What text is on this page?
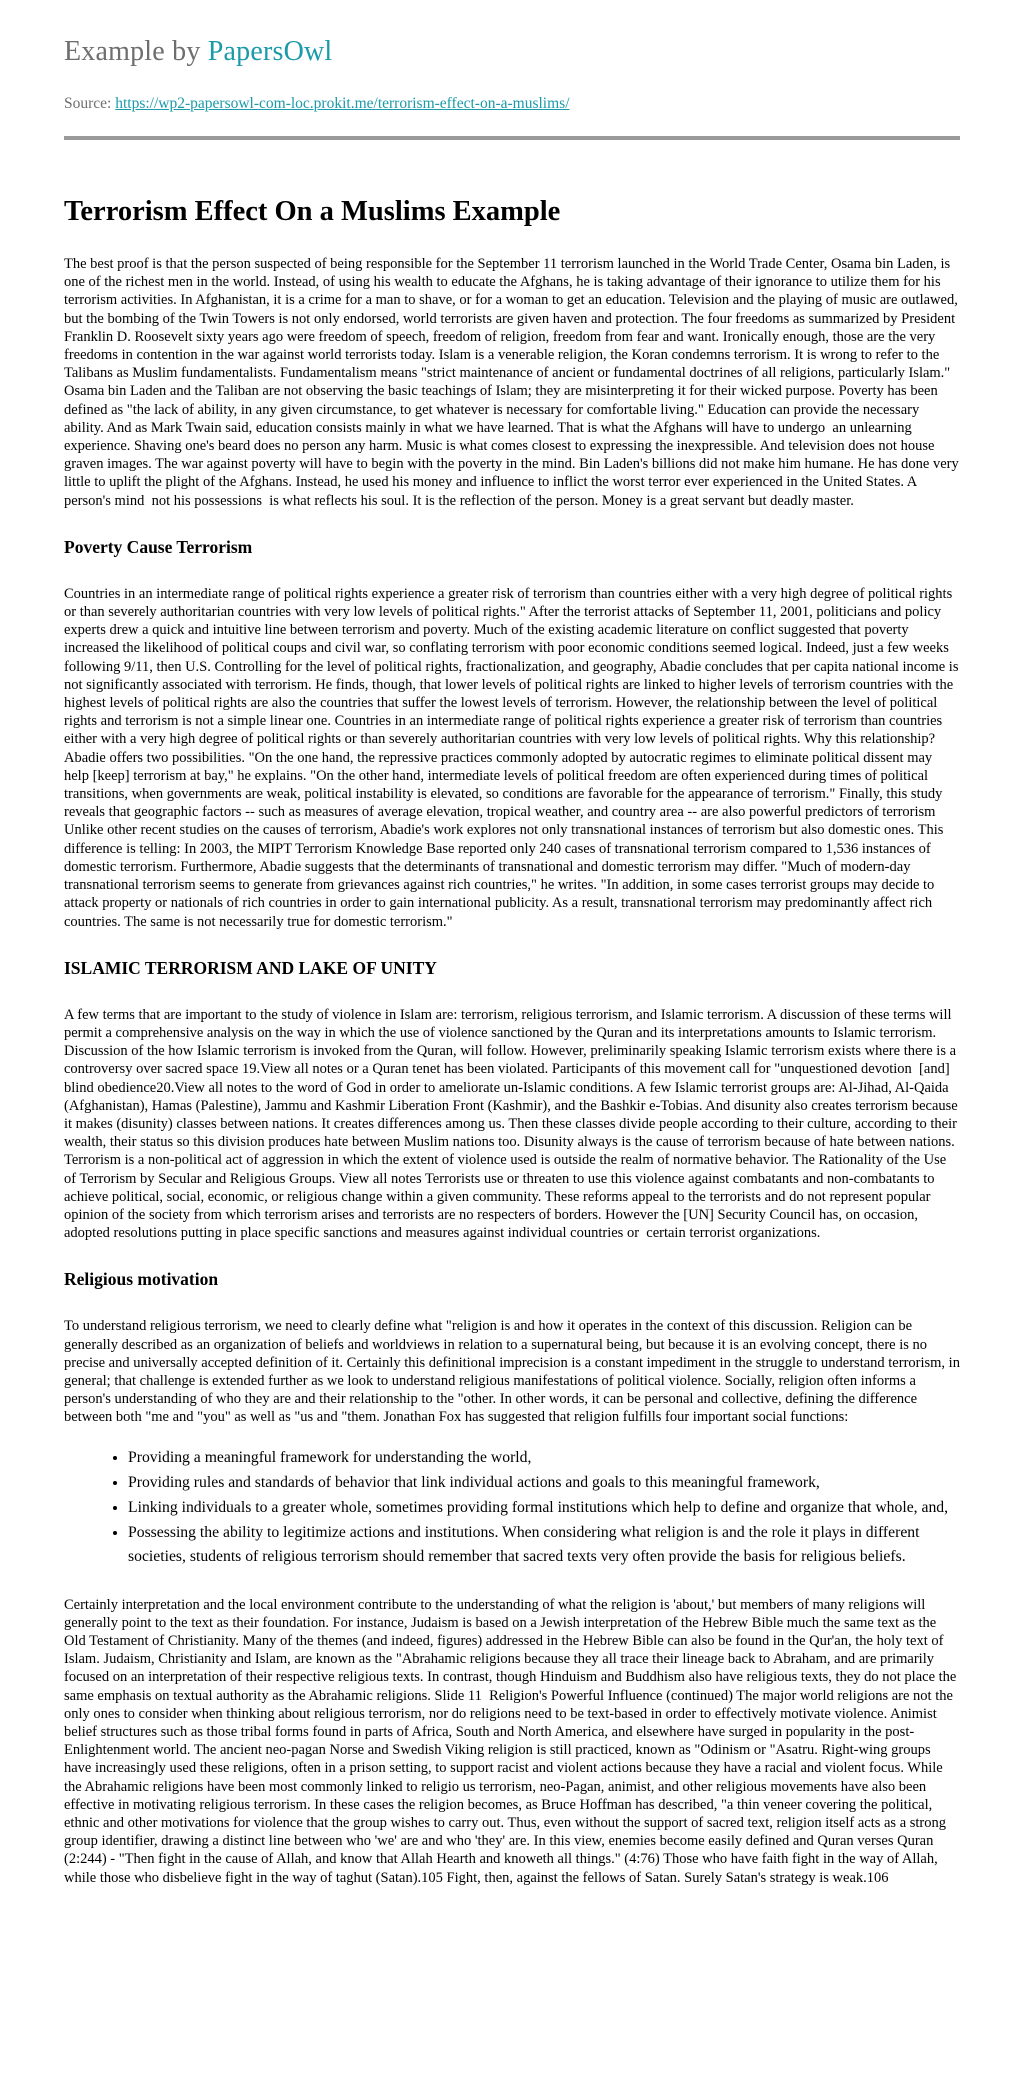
Example by PapersOwl

Source: https://wp2-papersowl-com-loc.prokit.me/terrorism-effect-on-a-muslims/

Terrorism Effect On a Muslims Example

The best proof is that the person suspected of being responsible for the September 11 terrorism launched in the World Trade Center, Osama bin Laden, is one of the richest men in the world. Instead, of using his wealth to educate the Afghans, he is taking advantage of their ignorance to utilize them for his terrorism activities. In Afghanistan, it is a crime for a man to shave, or for a woman to get an education. Television and the playing of music are outlawed, but the bombing of the Twin Towers is not only endorsed, world terrorists are given haven and protection. The four freedoms as summarized by President Franklin D. Roosevelt sixty years ago were freedom of speech, freedom of religion, freedom from fear and want. Ironically enough, those are the very freedoms in contention in the war against world terrorists today. Islam is a venerable religion, the Koran condemns terrorism. It is wrong to refer to the Talibans as Muslim fundamentalists. Fundamentalism means "strict maintenance of ancient or fundamental doctrines of all religions, particularly Islam." Osama bin Laden and the Taliban are not observing the basic teachings of Islam; they are misinterpreting it for their wicked purpose. Poverty has been defined as "the lack of ability, in any given circumstance, to get whatever is necessary for comfortable living." Education can provide the necessary ability. And as Mark Twain said, education consists mainly in what we have learned. That is what the Afghans will have to undergo  an unlearning experience. Shaving one's beard does no person any harm. Music is what comes closest to expressing the inexpressible. And television does not house graven images. The war against poverty will have to begin with the poverty in the mind. Bin Laden's billions did not make him humane. He has done very little to uplift the plight of the Afghans. Instead, he used his money and influence to inflict the worst terror ever experienced in the United States. A person's mind  not his possessions  is what reflects his soul. It is the reflection of the person. Money is a great servant but deadly master.

Poverty Cause Terrorism

Countries in an intermediate range of political rights experience a greater risk of terrorism than countries either with a very high degree of political rights or than severely authoritarian countries with very low levels of political rights." After the terrorist attacks of September 11, 2001, politicians and policy experts drew a quick and intuitive line between terrorism and poverty. Much of the existing academic literature on conflict suggested that poverty increased the likelihood of political coups and civil war, so conflating terrorism with poor economic conditions seemed logical. Indeed, just a few weeks following 9/11, then U.S. Controlling for the level of political rights, fractionalization, and geography, Abadie concludes that per capita national income is not significantly associated with terrorism. He finds, though, that lower levels of political rights are linked to higher levels of terrorism countries with the highest levels of political rights are also the countries that suffer the lowest levels of terrorism. However, the relationship between the level of political rights and terrorism is not a simple linear one. Countries in an intermediate range of political rights experience a greater risk of terrorism than countries either with a very high degree of political rights or than severely authoritarian countries with very low levels of political rights. Why this relationship? Abadie offers two possibilities. "On the one hand, the repressive practices commonly adopted by autocratic regimes to eliminate political dissent may help [keep] terrorism at bay," he explains. "On the other hand, intermediate levels of political freedom are often experienced during times of political transitions, when governments are weak, political instability is elevated, so conditions are favorable for the appearance of terrorism." Finally, this study reveals that geographic factors -- such as measures of average elevation, tropical weather, and country area -- are also powerful predictors of terrorism Unlike other recent studies on the causes of terrorism, Abadie's work explores not only transnational instances of terrorism but also domestic ones. This difference is telling: In 2003, the MIPT Terrorism Knowledge Base reported only 240 cases of transnational terrorism compared to 1,536 instances of domestic terrorism. Furthermore, Abadie suggests that the determinants of transnational and domestic terrorism may differ. "Much of modern-day transnational terrorism seems to generate from grievances against rich countries," he writes. "In addition, in some cases terrorist groups may decide to attack property or nationals of rich countries in order to gain international publicity. As a result, transnational terrorism may predominantly affect rich countries. The same is not necessarily true for domestic terrorism."

ISLAMIC TERRORISM AND LAKE OF UNITY

A few terms that are important to the study of violence in Islam are: terrorism, religious terrorism, and Islamic terrorism. A discussion of these terms will permit a comprehensive analysis on the way in which the use of violence sanctioned by the Quran and its interpretations amounts to Islamic terrorism. Discussion of the how Islamic terrorism is invoked from the Quran, will follow. However, preliminarily speaking Islamic terrorism exists where there is a controversy over sacred space 19.View all notes or a Quran tenet has been violated. Participants of this movement call for "unquestioned devotion  [and] blind obedience20.View all notes to the word of God in order to ameliorate un-Islamic conditions. A few Islamic terrorist groups are: Al-Jihad, Al-Qaida (Afghanistan), Hamas (Palestine), Jammu and Kashmir Liberation Front (Kashmir), and the Bashkir e-Tobias. And disunity also creates terrorism because it makes (disunity) classes between nations. It creates differences among us. Then these classes divide people according to their culture, according to their wealth, their status so this division produces hate between Muslim nations too. Disunity always is the cause of terrorism because of hate between nations. Terrorism is a non-political act of aggression in which the extent of violence used is outside the realm of normative behavior. The Rationality of the Use of Terrorism by Secular and Religious Groups. View all notes Terrorists use or threaten to use this violence against combatants and non-combatants to achieve political, social, economic, or religious change within a given community. These reforms appeal to the terrorists and do not represent popular opinion of the society from which terrorism arises and terrorists are no respecters of borders. However the [UN] Security Council has, on occasion, adopted resolutions putting in place specific sanctions and measures against individual countries or  certain terrorist organizations.

Religious motivation

To understand religious terrorism, we need to clearly define what "religion is and how it operates in the context of this discussion. Religion can be generally described as an organization of beliefs and worldviews in relation to a supernatural being, but because it is an evolving concept, there is no precise and universally accepted definition of it. Certainly this definitional imprecision is a constant impediment in the struggle to understand terrorism, in general; that challenge is extended further as we look to understand religious manifestations of political violence. Socially, religion often informs a person's understanding of who they are and their relationship to the "other. In other words, it can be personal and collective, defining the difference between both "me and "you" as well as "us and "them. Jonathan Fox has suggested that religion fulfills four important social functions:

• Providing a meaningful framework for understanding the world,
• Providing rules and standards of behavior that link individual actions and goals to this meaningful framework,
• Linking individuals to a greater whole, sometimes providing formal institutions which help to define and organize that whole, and,
• Possessing the ability to legitimize actions and institutions. When considering what religion is and the role it plays in different societies, students of religious terrorism should remember that sacred texts very often provide the basis for religious beliefs.

Certainly interpretation and the local environment contribute to the understanding of what the religion is 'about,' but members of many religions will generally point to the text as their foundation. For instance, Judaism is based on a Jewish interpretation of the Hebrew Bible much the same text as the Old Testament of Christianity. Many of the themes (and indeed, figures) addressed in the Hebrew Bible can also be found in the Qur'an, the holy text of Islam. Judaism, Christianity and Islam, are known as the "Abrahamic religions because they all trace their lineage back to Abraham, and are primarily focused on an interpretation of their respective religious texts. In contrast, though Hinduism and Buddhism also have religious texts, they do not place the same emphasis on textual authority as the Abrahamic religions. Slide 11  Religion's Powerful Influence (continued) The major world religions are not the only ones to consider when thinking about religious terrorism, nor do religions need to be text-based in order to effectively motivate violence. Animist belief structures such as those tribal forms found in parts of Africa, South and North America, and elsewhere have surged in popularity in the post-Enlightenment world. The ancient neo-pagan Norse and Swedish Viking religion is still practiced, known as "Odinism or "Asatru. Right-wing groups have increasingly used these religions, often in a prison setting, to support racist and violent actions because they have a racial and violent focus. While the Abrahamic religions have been most commonly linked to religio us terrorism, neo-Pagan, animist, and other religious movements have also been effective in motivating religious terrorism. In these cases the religion becomes, as Bruce Hoffman has described, "a thin veneer covering the political, ethnic and other motivations for violence that the group wishes to carry out. Thus, even without the support of sacred text, religion itself acts as a strong group identifier, drawing a distinct line between who 'we' are and who 'they' are. In this view, enemies become easily defined and Quran verses Quran (2:244) - "Then fight in the cause of Allah, and know that Allah Hearth and knoweth all things." (4:76) Those who have faith fight in the way of Allah, while those who disbelieve fight in the way of taghut (Satan).105 Fight, then, against the fellows of Satan. Surely Satan's strategy is weak.106
